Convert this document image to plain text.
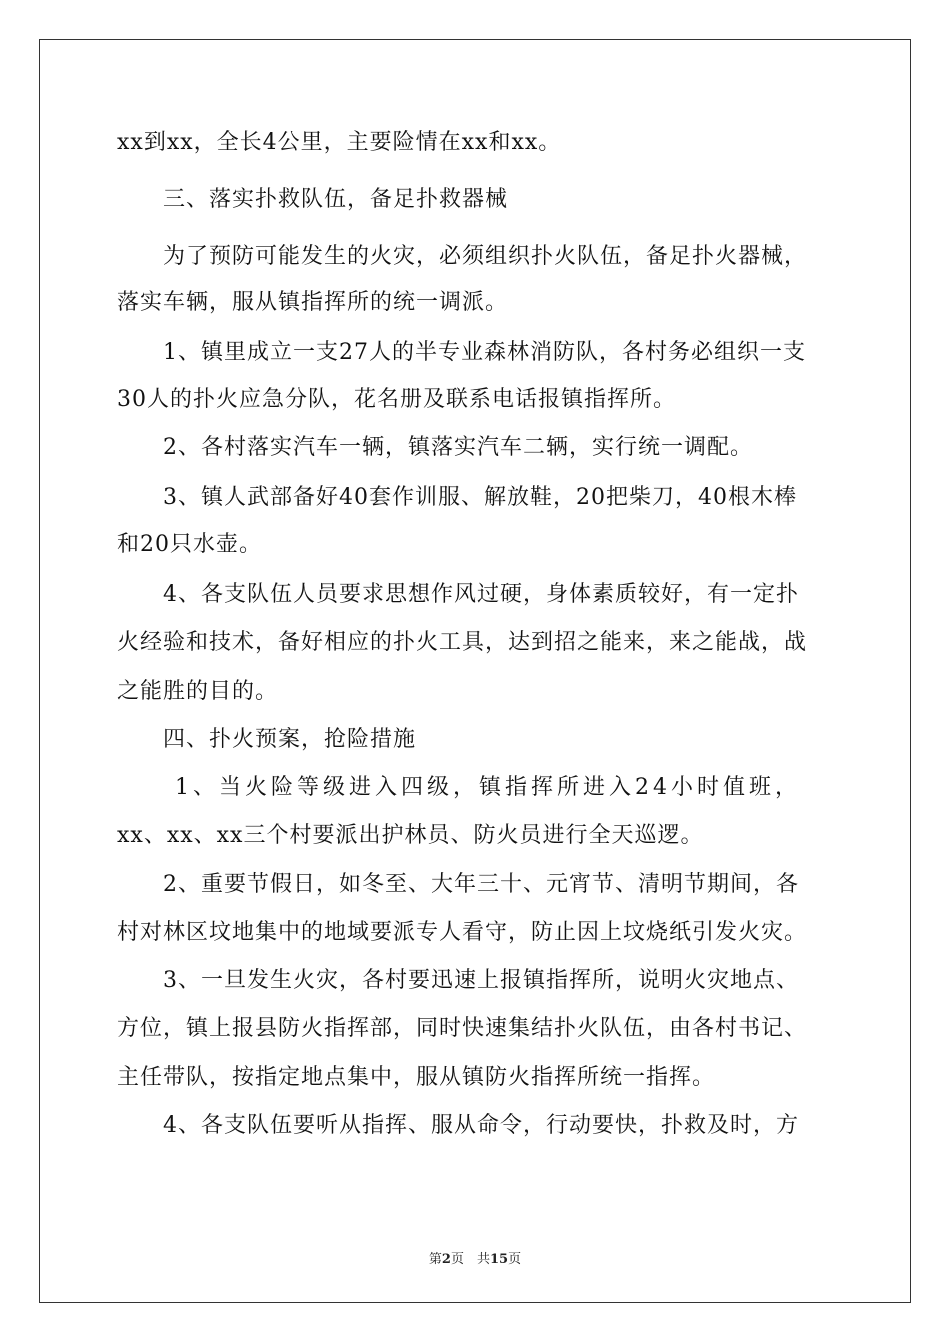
xx到xx，全长4公里，主要险情在xx和xx。
三、落实扑救队伍，备足扑救器械
为了预防可能发生的火灾，必须组织扑火队伍，备足扑火器械，
落实车辆，服从镇指挥所的统一调派。
1、镇里成立一支27人的半专业森林消防队，各村务必组织一支
30人的扑火应急分队，花名册及联系电话报镇指挥所。
2、各村落实汽车一辆，镇落实汽车二辆，实行统一调配。
3、镇人武部备好40套作训服、解放鞋，20把柴刀，40根木棒
和20只水壶。
4、各支队伍人员要求思想作风过硬，身体素质较好，有一定扑
火经验和技术，备好相应的扑火工具，达到招之能来，来之能战，战
之能胜的目的。
四、扑火预案，抢险措施
1、当火险等级进入四级，镇指挥所进入24小时值班，
xx、xx、xx三个村要派出护林员、防火员进行全天巡逻。
2、重要节假日，如冬至、大年三十、元宵节、清明节期间，各
村对林区坟地集中的地域要派专人看守，防止因上坟烧纸引发火灾。
3、一旦发生火灾，各村要迅速上报镇指挥所，说明火灾地点、
方位，镇上报县防火指挥部，同时快速集结扑火队伍，由各村书记、
主任带队，按指定地点集中，服从镇防火指挥所统一指挥。
4、各支队伍要听从指挥、服从命令，行动要快，扑救及时，方
第2页　共15页
